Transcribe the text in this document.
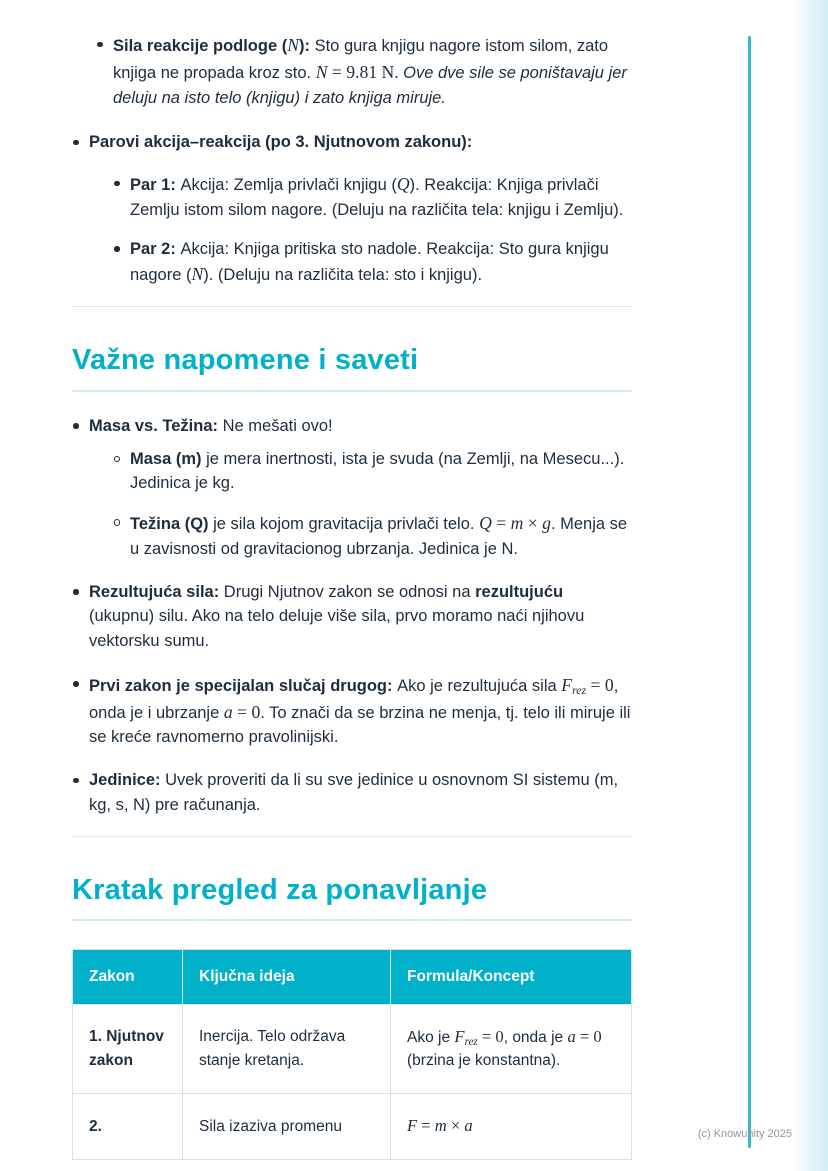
Sila reakcije podloge (N): Sto gura knjigu nagore istom silom, zato knjiga ne propada kroz sto. N = 9.81 N. Ove dve sile se poništavaju jer deluju na isto telo (knjigu) i zato knjiga miruje.

Parovi akcija–reakcija (po 3. Njutnovom zakonu):

Par 1: Akcija: Zemlja privlači knjigu (Q). Reakcija: Knjiga privlači Zemlju istom silom nagore. (Deluju na različita tela: knjigu i Zemlju).

Par 2: Akcija: Knjiga pritiska sto nadole. Reakcija: Sto gura knjigu nagore (N). (Deluju na različita tela: sto i knjigu).

Važne napomene i saveti

Masa vs. Težina: Ne mešati ovo!

Masa (m) je mera inertnosti, ista je svuda (na Zemlji, na Mesecu...). Jedinica je kg.

Težina (Q) je sila kojom gravitacija privlači telo. Q = m × g. Menja se u zavisnosti od gravitacionog ubrzanja. Jedinica je N.

Rezultujuća sila: Drugi Njutnov zakon se odnosi na rezultujuću (ukupnu) silu. Ako na telo deluje više sila, prvo moramo naći njihovu vektorsku sumu.

Prvi zakon je specijalan slučaj drugog: Ako je rezultujuća sila $F_{rez} = 0$, onda je i ubrzanje a = 0. To znači da se brzina ne menja, tj. telo ili miruje ili se kreće ravnomerno pravolinijski.

Jedinice: Uvek proveriti da li su sve jedinice u osnovnom SI sistemu (m, kg, s, N) pre računanja.

Kratak pregled za ponavljanje
Zakon	Ključna ideja	Formula/Koncept
1. Njutnov zakon	Inercija. Telo održava stanje kretanja.	Ako je $F_{rez} = 0$, onda je a = 0 (brzina je konstantna).
2.	Sila izaziva promenu	F = m × a	(c) Knowunity 2025
